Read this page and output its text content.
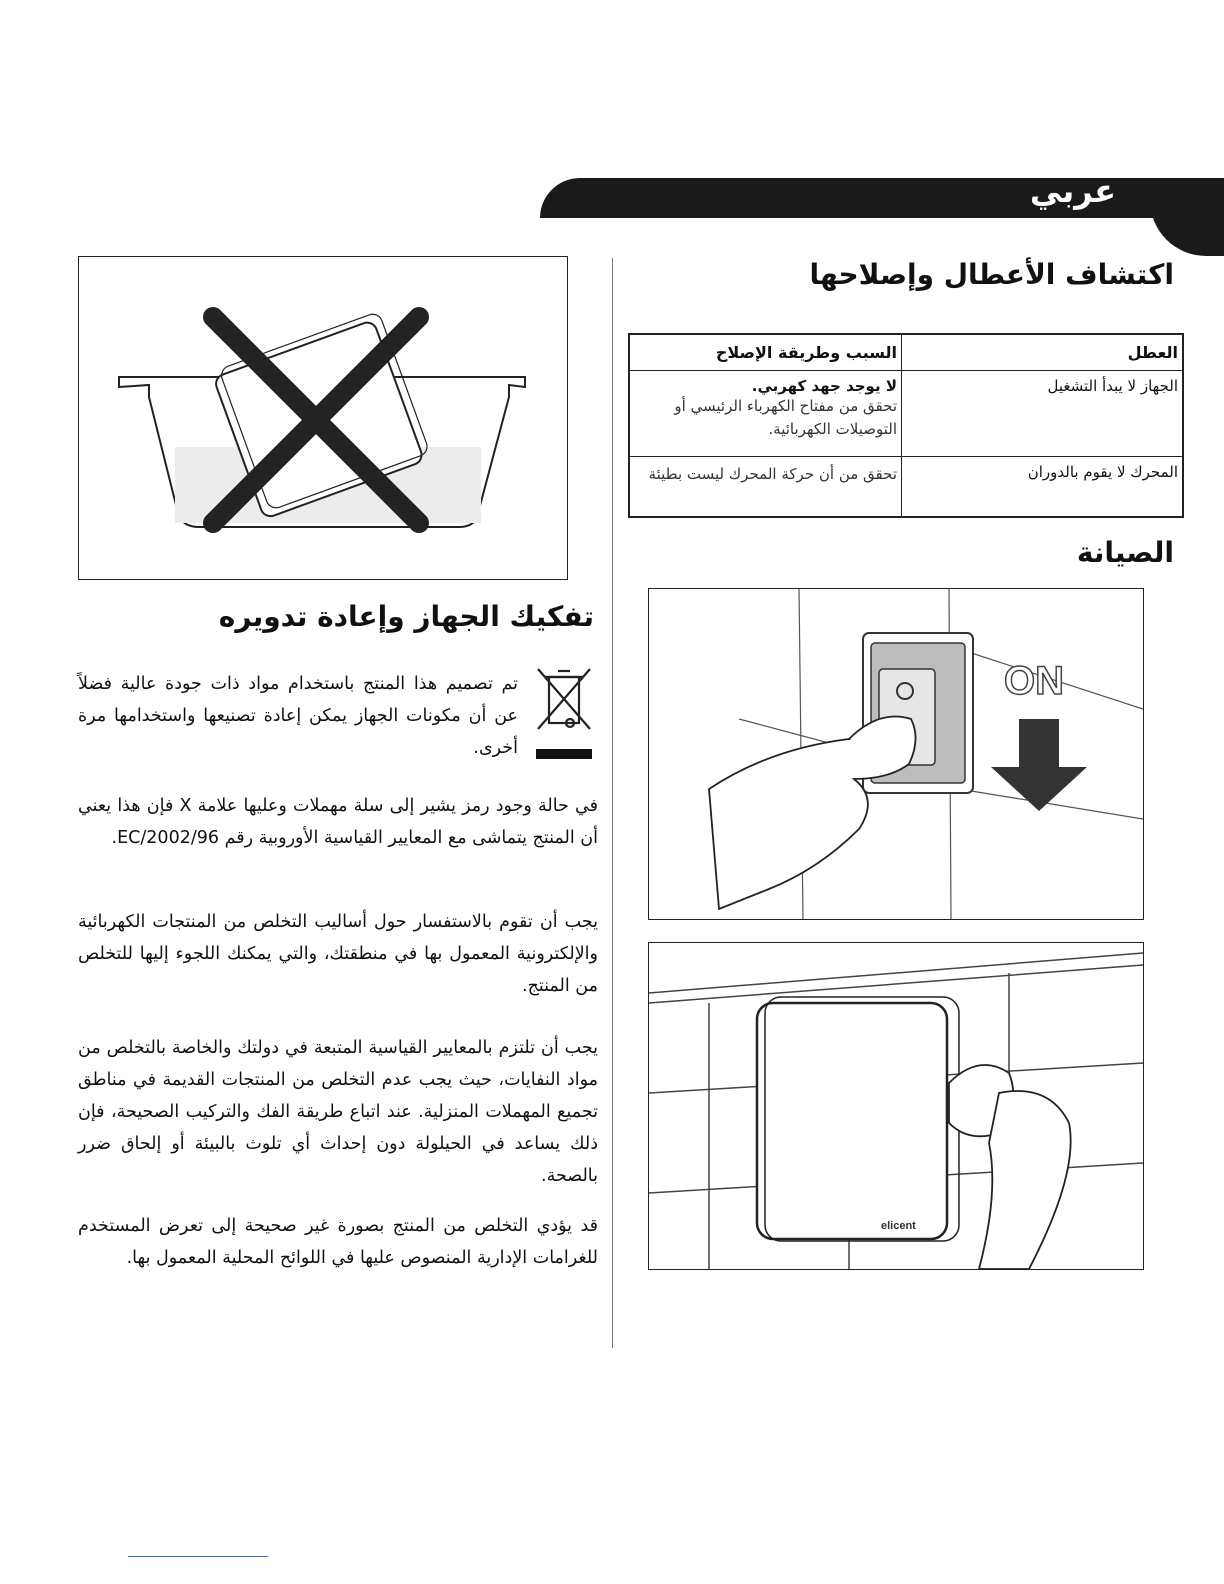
عربي
اكتشاف الأعطال وإصلاحها
العطل	السبب وطريقة الإصلاح
الجهاز لا يبدأ التشغيل	لا يوجد جهد كهربي.
تحقق من مفتاح الكهرباء الرئيسي أو التوصيلات الكهربائية.
المحرك لا يقوم بالدوران	تحقق من أن حركة المحرك ليست بطيئة
الصيانة
ON
elicent
تفكيك الجهاز وإعادة تدويره

تم تصميم هذا المنتج باستخدام مواد ذات جودة عالية فضلاً عن أن مكونات الجهاز يمكن إعادة تصنيعها واستخدامها مرة أخرى.

في حالة وجود رمز يشير إلى سلة مهملات وعليها علامة X فإن هذا يعني أن المنتج يتماشى مع المعايير القياسية الأوروبية رقم EC/2002/96.

يجب أن تقوم بالاستفسار حول أساليب التخلص من المنتجات الكهربائية والإلكترونية المعمول بها في منطقتك، والتي يمكنك اللجوء إليها للتخلص من المنتج.

يجب أن تلتزم بالمعايير القياسية المتبعة في دولتك والخاصة بالتخلص من مواد النفايات، حيث يجب عدم التخلص من المنتجات القديمة في مناطق تجميع المهملات المنزلية. عند اتباع طريقة الفك والتركيب الصحيحة، فإن ذلك يساعد في الحيلولة دون إحداث أي تلوث بالبيئة أو إلحاق ضرر بالصحة.

قد يؤدي التخلص من المنتج بصورة غير صحيحة إلى تعرض المستخدم للغرامات الإدارية المنصوص عليها في اللوائح المحلية المعمول بها.
